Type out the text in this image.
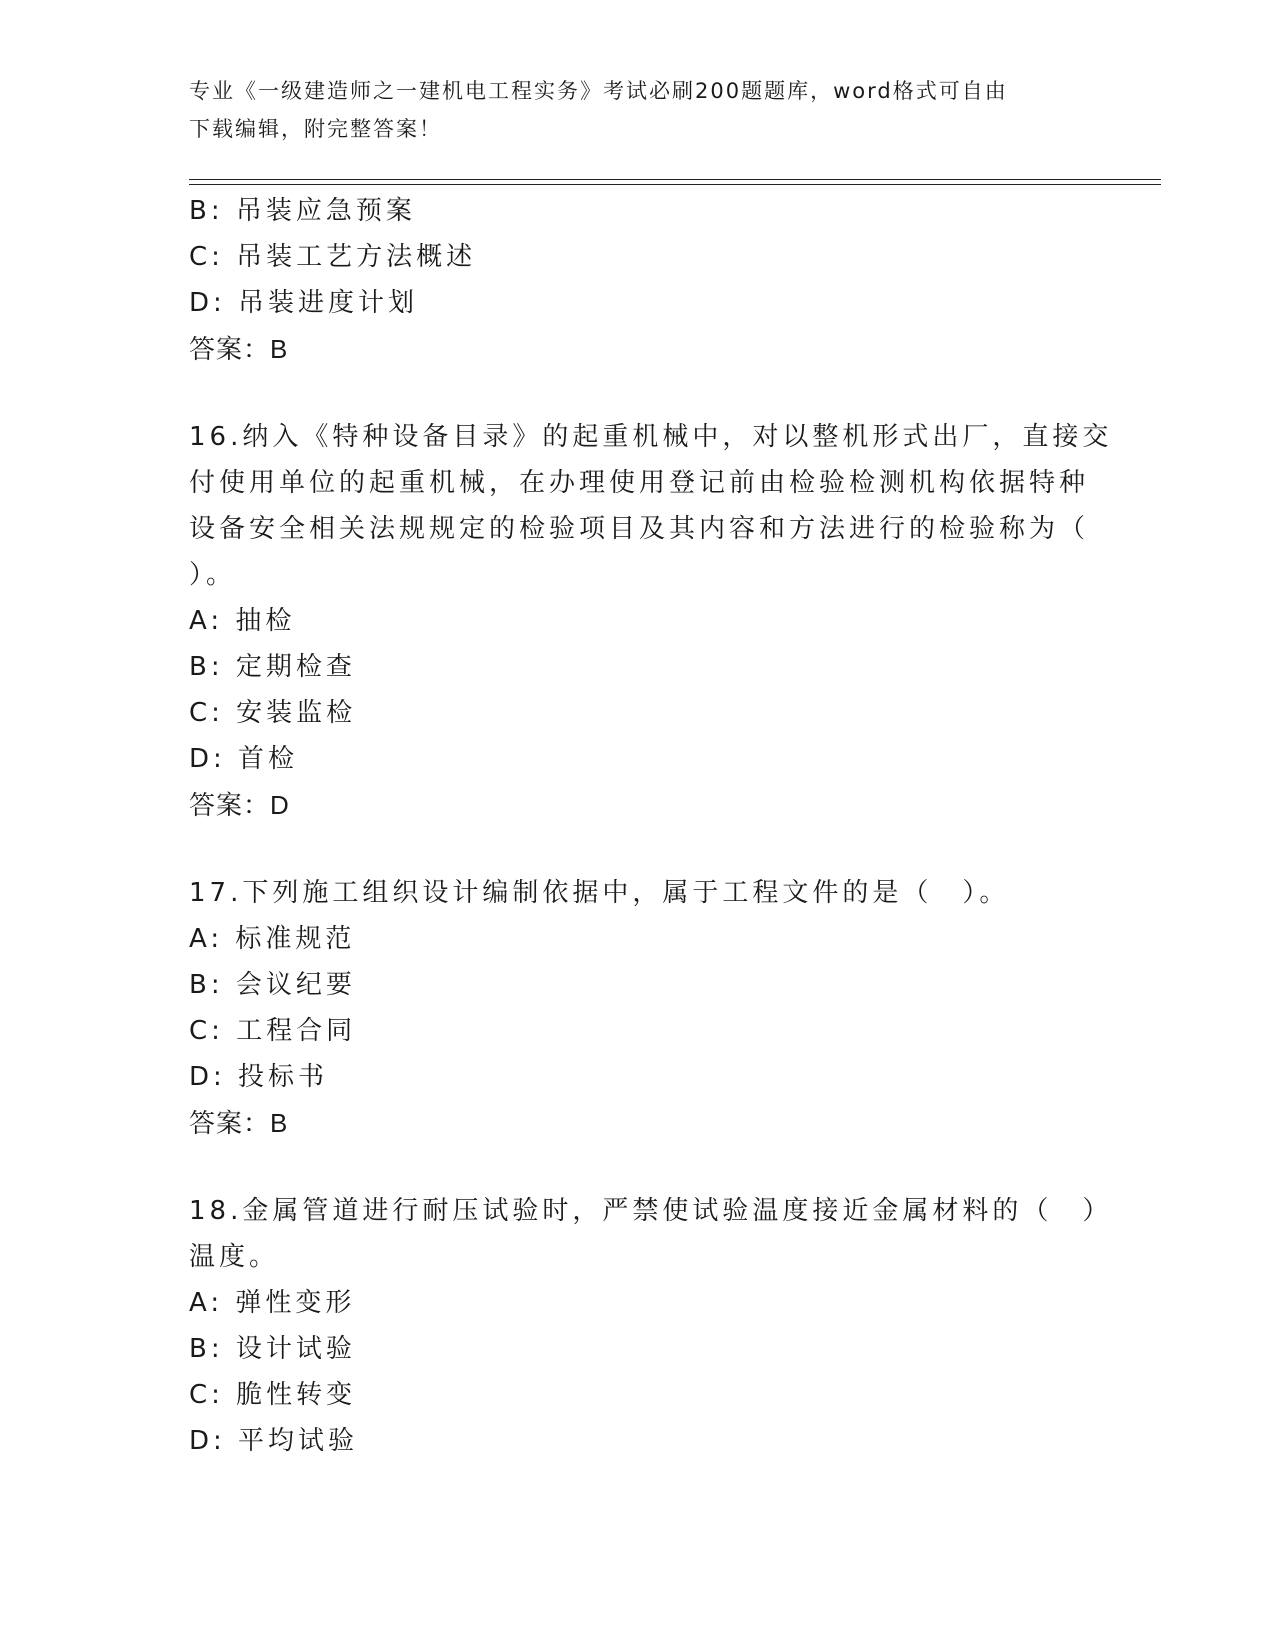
专业《一级建造师之一建机电工程实务》考试必刷200题题库，word格式可自由
下载编辑，附完整答案！
B: 吊装应急预案
C: 吊装工艺方法概述
D: 吊装进度计划
答案：B
16.纳入《特种设备目录》的起重机械中，对以整机形式出厂，直接交
付使用单位的起重机械，在办理使用登记前由检验检测机构依据特种
设备安全相关法规规定的检验项目及其内容和方法进行的检验称为（
）。
A: 抽检
B: 定期检查
C: 安装监检
D: 首检
答案：D
17.下列施工组织设计编制依据中，属于工程文件的是（　）。
A: 标准规范
B: 会议纪要
C: 工程合同
D: 投标书
答案：B
18.金属管道进行耐压试验时，严禁使试验温度接近金属材料的（　）
温度。
A: 弹性变形
B: 设计试验
C: 脆性转变
D: 平均试验
